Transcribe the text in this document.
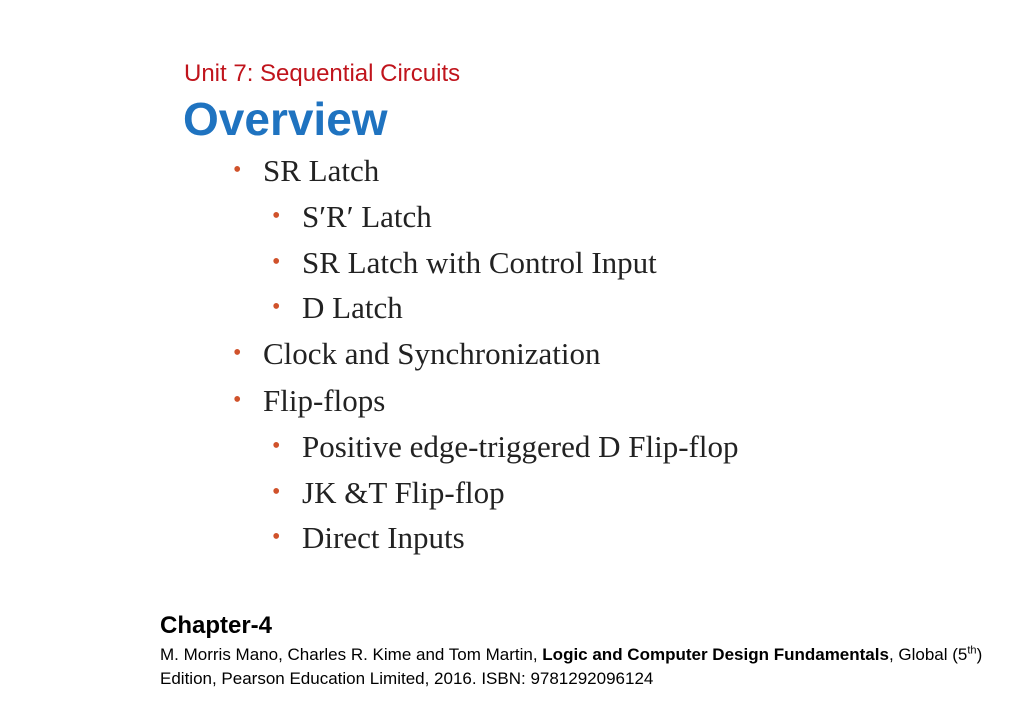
Unit 7: Sequential Circuits
Overview
• SR Latch
• S′R′ Latch
• SR Latch with Control Input
• D Latch
• Clock and Synchronization
• Flip-flops
• Positive edge-triggered D Flip-flop
• JK &T Flip-flop
• Direct Inputs
Chapter-4
M. Morris Mano, Charles R. Kime and Tom Martin, Logic and Computer Design Fundamentals, Global (5th) Edition, Pearson Education Limited, 2016. ISBN: 9781292096124
